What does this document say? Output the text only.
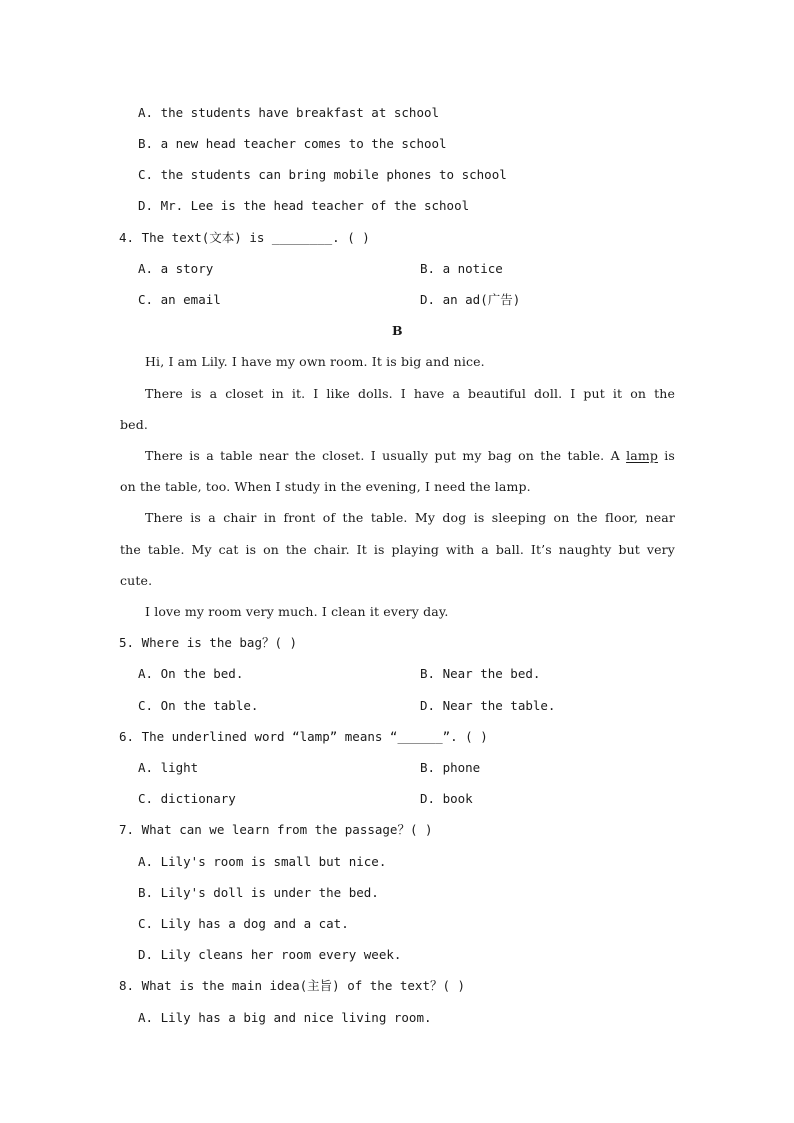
A. the students have breakfast at school

B. a new head teacher comes to the school

C. the students can bring mobile phones to school

D. Mr. Lee is the head teacher of the school

4. The text(文本) is ________. ( )

A. a story	B. a notice

C. an email	D. an ad(广告)

B

Hi, I am Lily. I have my own room. It is big and nice.

There is a closet in it. I like dolls. I have a beautiful doll. I put it on the

bed.

There is a table near the closet. I usually put my bag on the table. A lamp is

on the table, too. When I study in the evening, I need the lamp.

There is a chair in front of the table. My dog is sleeping on the floor, near

the table. My cat is on the chair. It is playing with a ball. It’s naughty but very

cute.

I love my room very much. I clean it every day.

5. Where is the bag？( )

A. On the bed.	B. Near the bed.

C. On the table.	D. Near the table.

6. The underlined word “lamp” means “______”. ( )

A. light	B. phone

C. dictionary	D. book

7. What can we learn from the passage？( )

A. Lily's room is small but nice.

B. Lily's doll is under the bed.

C. Lily has a dog and a cat.

D. Lily cleans her room every week.

8. What is the main idea(主旨) of the text？( )

A. Lily has a big and nice living room.
